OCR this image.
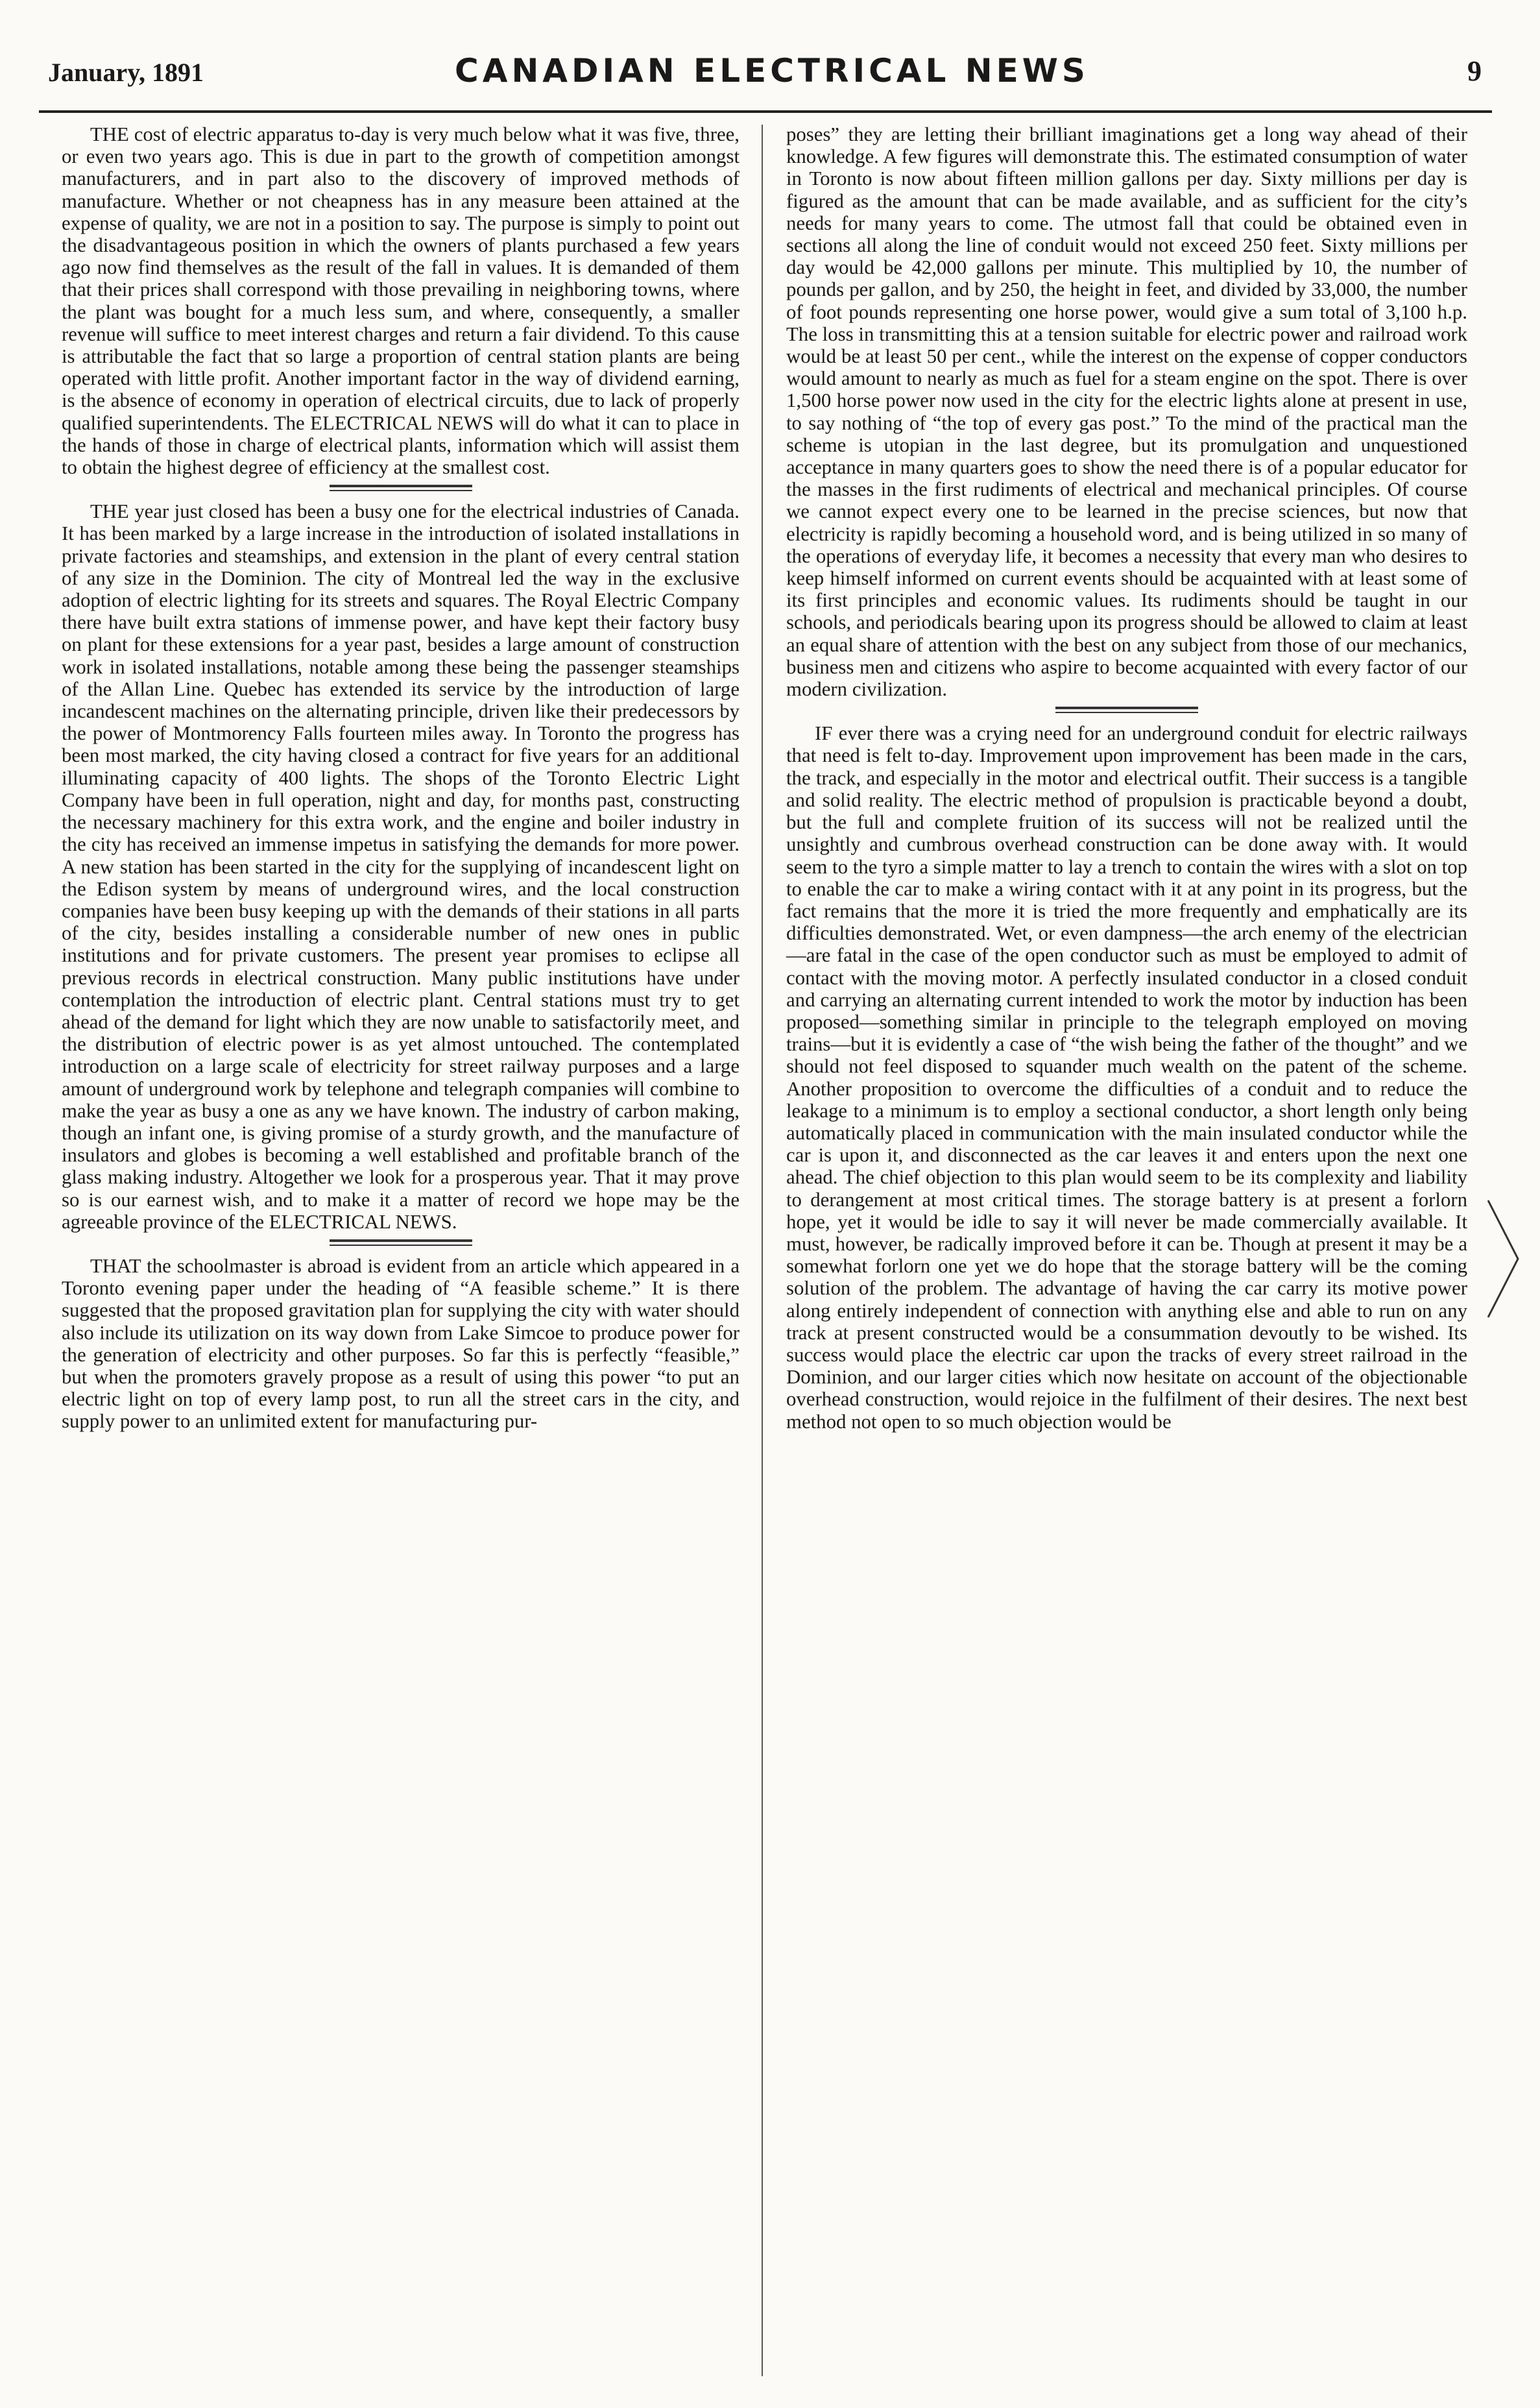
January, 1891	CANADIAN ELECTRICAL NEWS	9

THE cost of electric apparatus to-day is very much below what it was five, three, or even two years ago. This is due in part to the growth of competition amongst manufacturers, and in part also to the discovery of improved methods of manufacture. Whether or not cheapness has in any measure been attained at the expense of quality, we are not in a position to say. The purpose is simply to point out the disadvantageous position in which the owners of plants purchased a few years ago now find themselves as the result of the fall in values. It is demanded of them that their prices shall correspond with those prevailing in neighboring towns, where the plant was bought for a much less sum, and where, consequently, a smaller revenue will suffice to meet interest charges and return a fair dividend. To this cause is attributable the fact that so large a proportion of central station plants are being operated with little profit. Another important factor in the way of dividend earning, is the absence of economy in operation of electrical circuits, due to lack of properly qualified superintendents. The ELECTRICAL NEWS will do what it can to place in the hands of those in charge of electrical plants, information which will assist them to obtain the highest degree of efficiency at the smallest cost.

THE year just closed has been a busy one for the electrical industries of Canada. It has been marked by a large increase in the introduction of isolated installations in private factories and steamships, and extension in the plant of every central station of any size in the Dominion. The city of Montreal led the way in the exclusive adoption of electric lighting for its streets and squares. The Royal Electric Company there have built extra stations of immense power, and have kept their factory busy on plant for these extensions for a year past, besides a large amount of construction work in isolated installations, notable among these being the passenger steamships of the Allan Line. Quebec has extended its service by the introduction of large incandescent machines on the alternating principle, driven like their predecessors by the power of Montmorency Falls fourteen miles away. In Toronto the progress has been most marked, the city having closed a contract for five years for an additional illuminating capacity of 400 lights. The shops of the Toronto Electric Light Company have been in full operation, night and day, for months past, constructing the necessary machinery for this extra work, and the engine and boiler industry in the city has received an immense impetus in satisfying the demands for more power. A new station has been started in the city for the supplying of incandescent light on the Edison system by means of underground wires, and the local construction companies have been busy keeping up with the demands of their stations in all parts of the city, besides installing a considerable number of new ones in public institutions and for private customers. The present year promises to eclipse all previous records in electrical construction. Many public institutions have under contemplation the introduction of electric plant. Central stations must try to get ahead of the demand for light which they are now unable to satisfactorily meet, and the distribution of electric power is as yet almost untouched. The contemplated introduction on a large scale of electricity for street railway purposes and a large amount of underground work by telephone and telegraph companies will combine to make the year as busy a one as any we have known. The industry of carbon making, though an infant one, is giving promise of a sturdy growth, and the manufacture of insulators and globes is becoming a well established and profitable branch of the glass making industry. Altogether we look for a prosperous year. That it may prove so is our earnest wish, and to make it a matter of record we hope may be the agreeable province of the ELECTRICAL NEWS.

THAT the schoolmaster is abroad is evident from an article which appeared in a Toronto evening paper under the heading of “A feasible scheme.” It is there suggested that the proposed gravitation plan for supplying the city with water should also include its utilization on its way down from Lake Simcoe to produce power for the generation of electricity and other purposes. So far this is perfectly “feasible,” but when the promoters gravely propose as a result of using this power “to put an electric light on top of every lamp post, to run all the street cars in the city, and supply power to an unlimited extent for manufacturing pur-

poses” they are letting their brilliant imaginations get a long way ahead of their knowledge. A few figures will demonstrate this. The estimated consumption of water in Toronto is now about fifteen million gallons per day. Sixty millions per day is figured as the amount that can be made available, and as sufficient for the city’s needs for many years to come. The utmost fall that could be obtained even in sections all along the line of conduit would not exceed 250 feet. Sixty millions per day would be 42,000 gallons per minute. This multiplied by 10, the number of pounds per gallon, and by 250, the height in feet, and divided by 33,000, the number of foot pounds representing one horse power, would give a sum total of 3,100 h.p. The loss in transmitting this at a tension suitable for electric power and railroad work would be at least 50 per cent., while the interest on the expense of copper conductors would amount to nearly as much as fuel for a steam engine on the spot. There is over 1,500 horse power now used in the city for the electric lights alone at present in use, to say nothing of “the top of every gas post.” To the mind of the practical man the scheme is utopian in the last degree, but its promulgation and unquestioned acceptance in many quarters goes to show the need there is of a popular educator for the masses in the first rudiments of electrical and mechanical principles. Of course we cannot expect every one to be learned in the precise sciences, but now that electricity is rapidly becoming a household word, and is being utilized in so many of the operations of everyday life, it becomes a necessity that every man who desires to keep himself informed on current events should be acquainted with at least some of its first principles and economic values. Its rudiments should be taught in our schools, and periodicals bearing upon its progress should be allowed to claim at least an equal share of attention with the best on any subject from those of our mechanics, business men and citizens who aspire to become acquainted with every factor of our modern civilization.

IF ever there was a crying need for an underground conduit for electric railways that need is felt to-day. Improvement upon improvement has been made in the cars, the track, and especially in the motor and electrical outfit. Their success is a tangible and solid reality. The electric method of propulsion is practicable beyond a doubt, but the full and complete fruition of its success will not be realized until the unsightly and cumbrous overhead construction can be done away with. It would seem to the tyro a simple matter to lay a trench to contain the wires with a slot on top to enable the car to make a wiring contact with it at any point in its progress, but the fact remains that the more it is tried the more frequently and emphatically are its difficulties demonstrated. Wet, or even dampness—the arch enemy of the electrician—are fatal in the case of the open conductor such as must be employed to admit of contact with the moving motor. A perfectly insulated conductor in a closed conduit and carrying an alternating current intended to work the motor by induction has been proposed—something similar in principle to the telegraph employed on moving trains—but it is evidently a case of “the wish being the father of the thought” and we should not feel disposed to squander much wealth on the patent of the scheme. Another proposition to overcome the difficulties of a conduit and to reduce the leakage to a minimum is to employ a sectional conductor, a short length only being automatically placed in communication with the main insulated conductor while the car is upon it, and disconnected as the car leaves it and enters upon the next one ahead. The chief objection to this plan would seem to be its complexity and liability to derangement at most critical times. The storage battery is at present a forlorn hope, yet it would be idle to say it will never be made commercially available. It must, however, be radically improved before it can be. Though at present it may be a somewhat forlorn one yet we do hope that the storage battery will be the coming solution of the problem. The advantage of having the car carry its motive power along entirely independent of connection with anything else and able to run on any track at present constructed would be a consummation devoutly to be wished. Its success would place the electric car upon the tracks of every street railroad in the Dominion, and our larger cities which now hesitate on account of the objectionable overhead construction, would rejoice in the fulfilment of their desires. The next best method not open to so much objection would be
